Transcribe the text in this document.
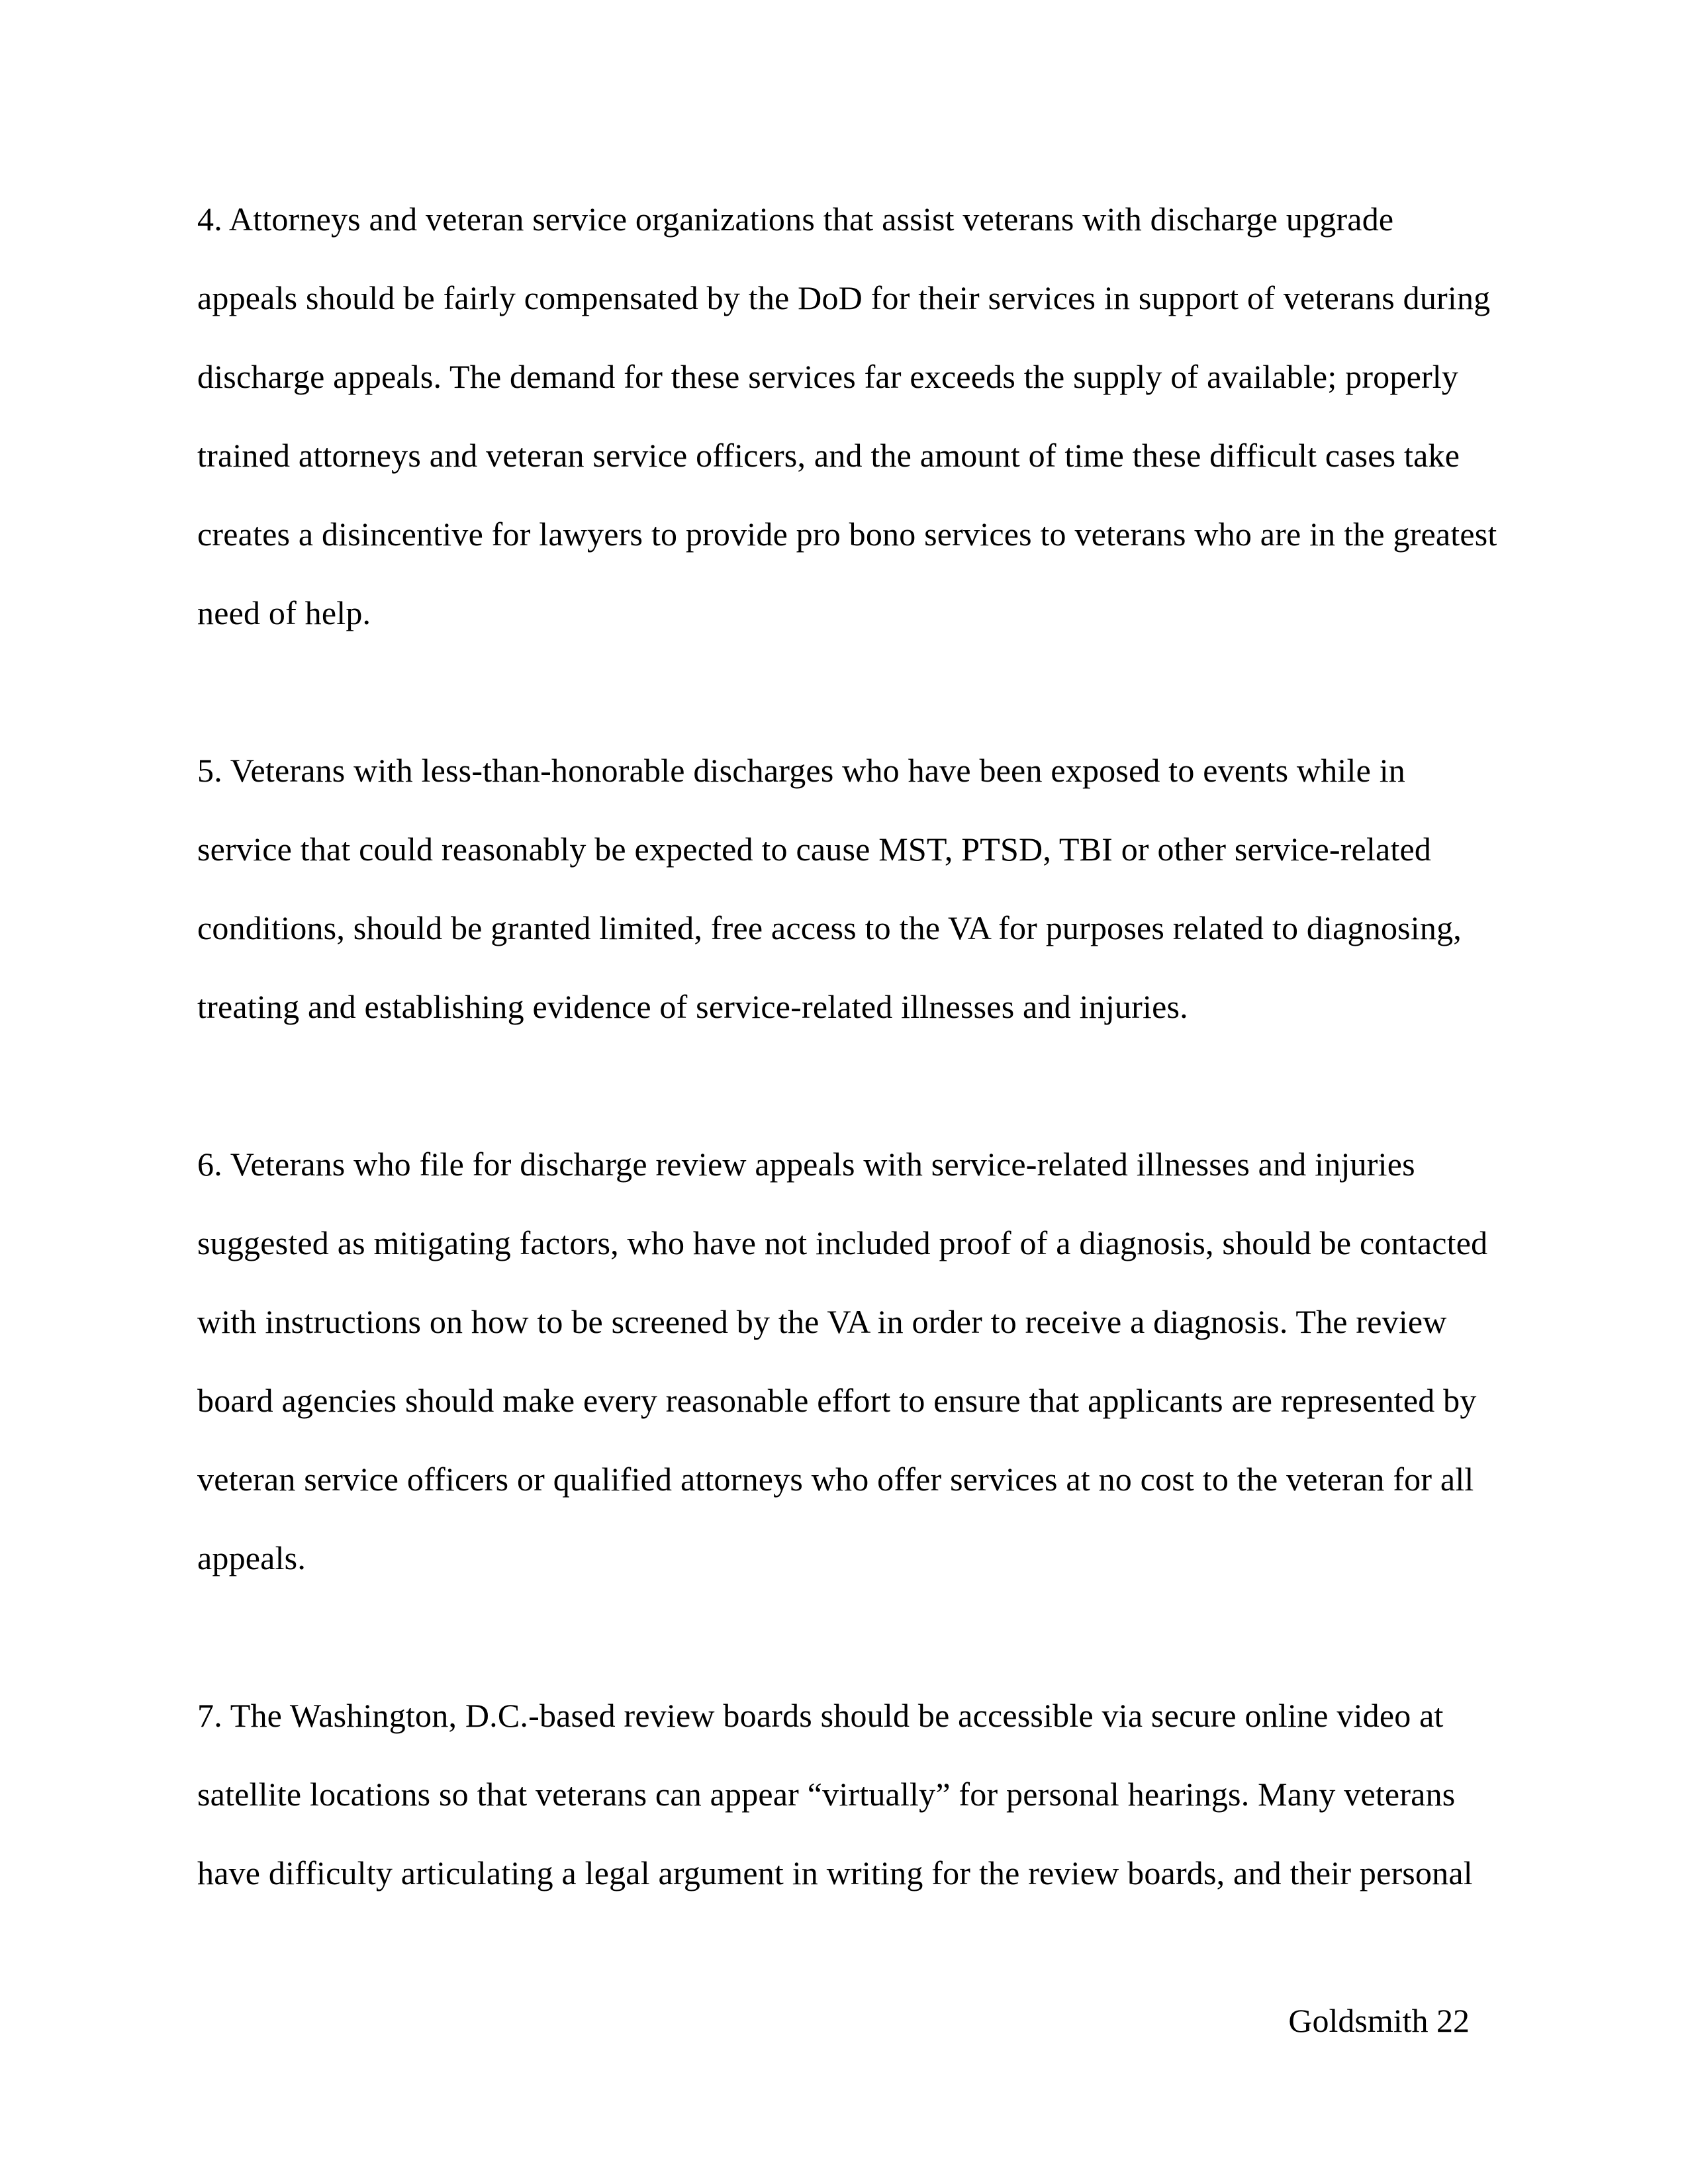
4. Attorneys and veteran service organizations that assist veterans with discharge upgrade
appeals should be fairly compensated by the DoD for their services in support of veterans during
discharge appeals. The demand for these services far exceeds the supply of available; properly
trained attorneys and veteran service officers, and the amount of time these difficult cases take
creates a disincentive for lawyers to provide pro bono services to veterans who are in the greatest
need of help.
5. Veterans with less-than-honorable discharges who have been exposed to events while in
service that could reasonably be expected to cause MST, PTSD, TBI or other service-related
conditions, should be granted limited, free access to the VA for purposes related to diagnosing,
treating and establishing evidence of service-related illnesses and injuries.
6. Veterans who file for discharge review appeals with service-related illnesses and injuries
suggested as mitigating factors, who have not included proof of a diagnosis, should be contacted
with instructions on how to be screened by the VA in order to receive a diagnosis. The review
board agencies should make every reasonable effort to ensure that applicants are represented by
veteran service officers or qualified attorneys who offer services at no cost to the veteran for all
appeals.
7. The Washington, D.C.-based review boards should be accessible via secure online video at
satellite locations so that veterans can appear “virtually” for personal hearings. Many veterans
have difficulty articulating a legal argument in writing for the review boards, and their personal
Goldsmith 22
